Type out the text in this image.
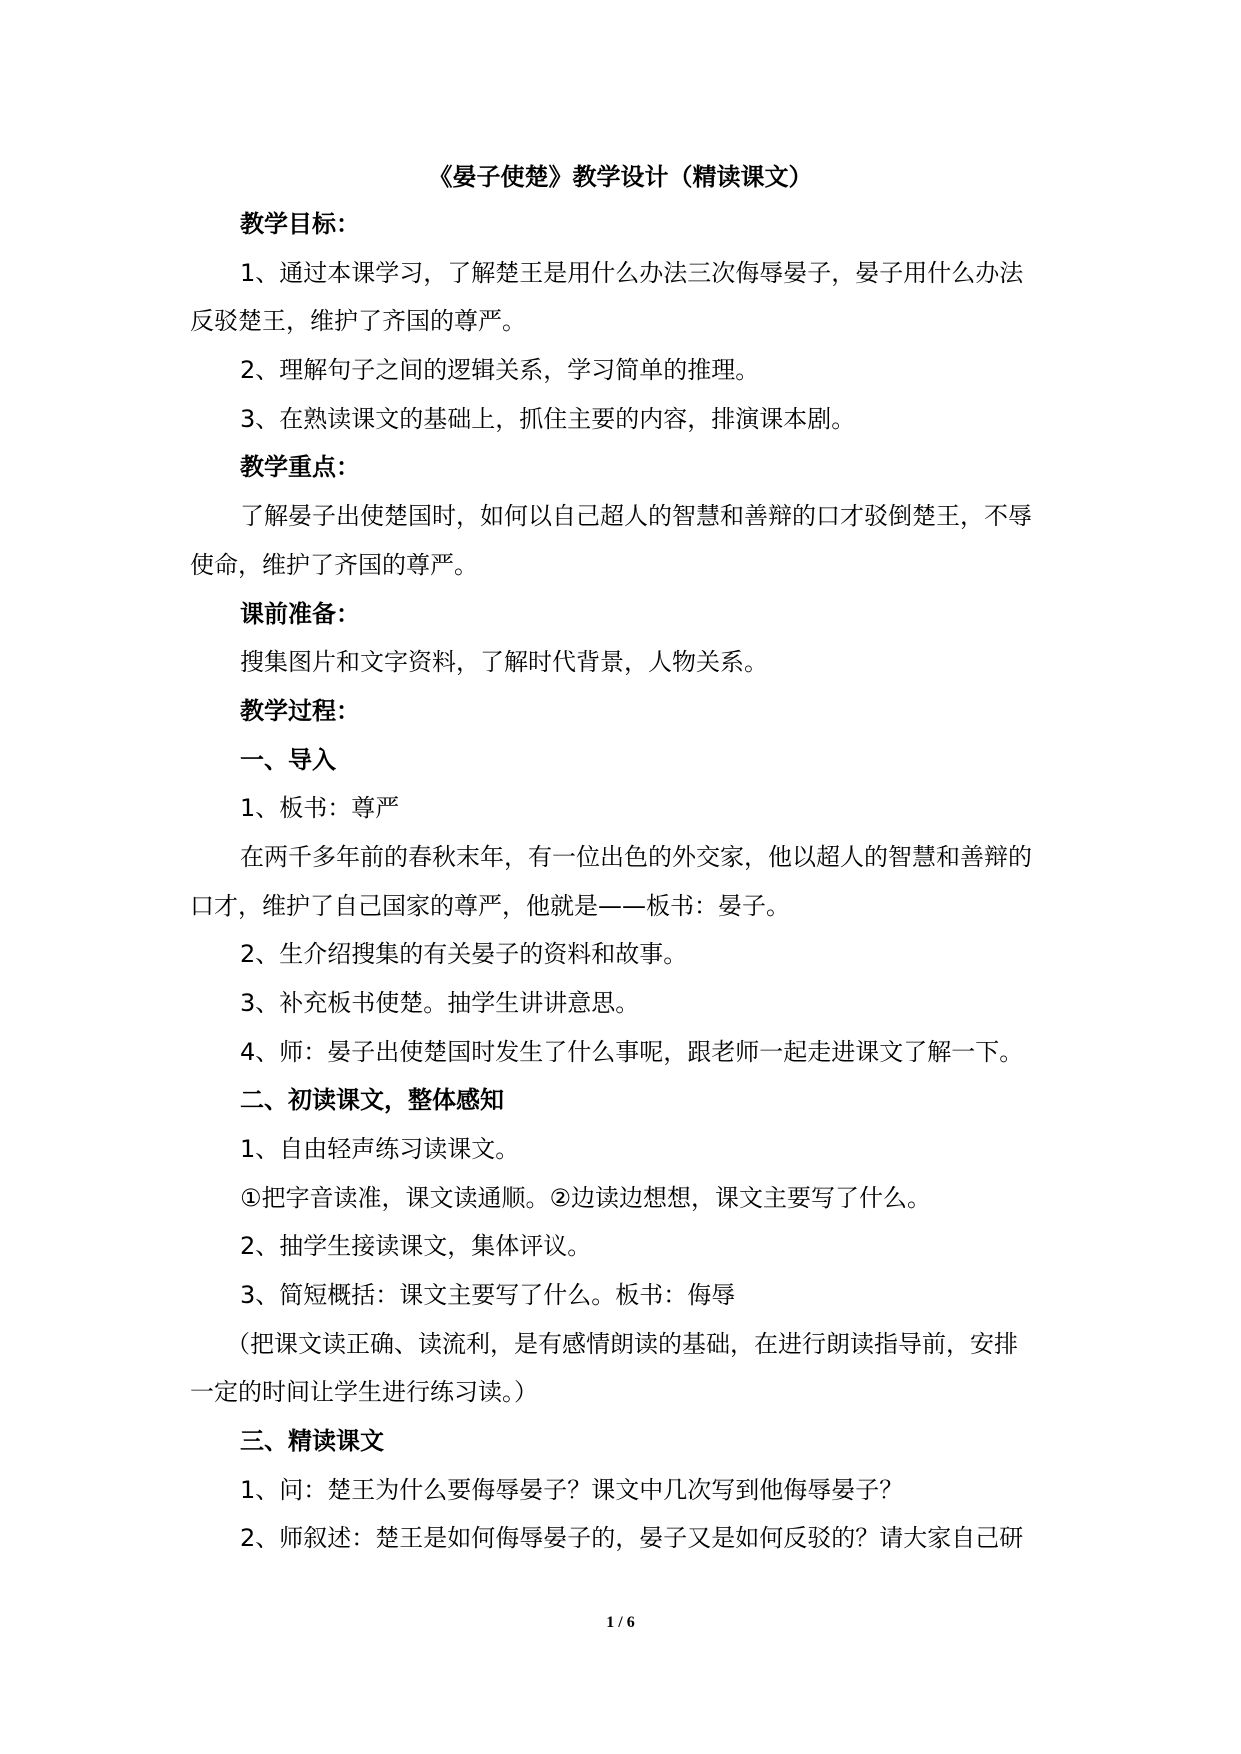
《晏子使楚》教学设计（精读课文）
教学目标：
1、通过本课学习，了解楚王是用什么办法三次侮辱晏子，晏子用什么办法
反驳楚王，维护了齐国的尊严。
2、理解句子之间的逻辑关系，学习简单的推理。
3、在熟读课文的基础上，抓住主要的内容，排演课本剧。
教学重点：
了解晏子出使楚国时，如何以自己超人的智慧和善辩的口才驳倒楚王，不辱
使命，维护了齐国的尊严。
课前准备：
搜集图片和文字资料，了解时代背景，人物关系。
教学过程：
一、导入
1、板书：尊严
在两千多年前的春秋末年，有一位出色的外交家，他以超人的智慧和善辩的
口才，维护了自己国家的尊严，他就是——板书：晏子。
2、生介绍搜集的有关晏子的资料和故事。
3、补充板书使楚。抽学生讲讲意思。
4、师：晏子出使楚国时发生了什么事呢，跟老师一起走进课文了解一下。
二、初读课文，整体感知
1、自由轻声练习读课文。
①把字音读准，课文读通顺。②边读边想想，课文主要写了什么。
2、抽学生接读课文，集体评议。
3、简短概括：课文主要写了什么。板书：侮辱
（把课文读正确、读流利，是有感情朗读的基础，在进行朗读指导前，安排
一定的时间让学生进行练习读。）
三、精读课文
1、问：楚王为什么要侮辱晏子？课文中几次写到他侮辱晏子？
2、师叙述：楚王是如何侮辱晏子的，晏子又是如何反驳的？请大家自己研
1 / 6
